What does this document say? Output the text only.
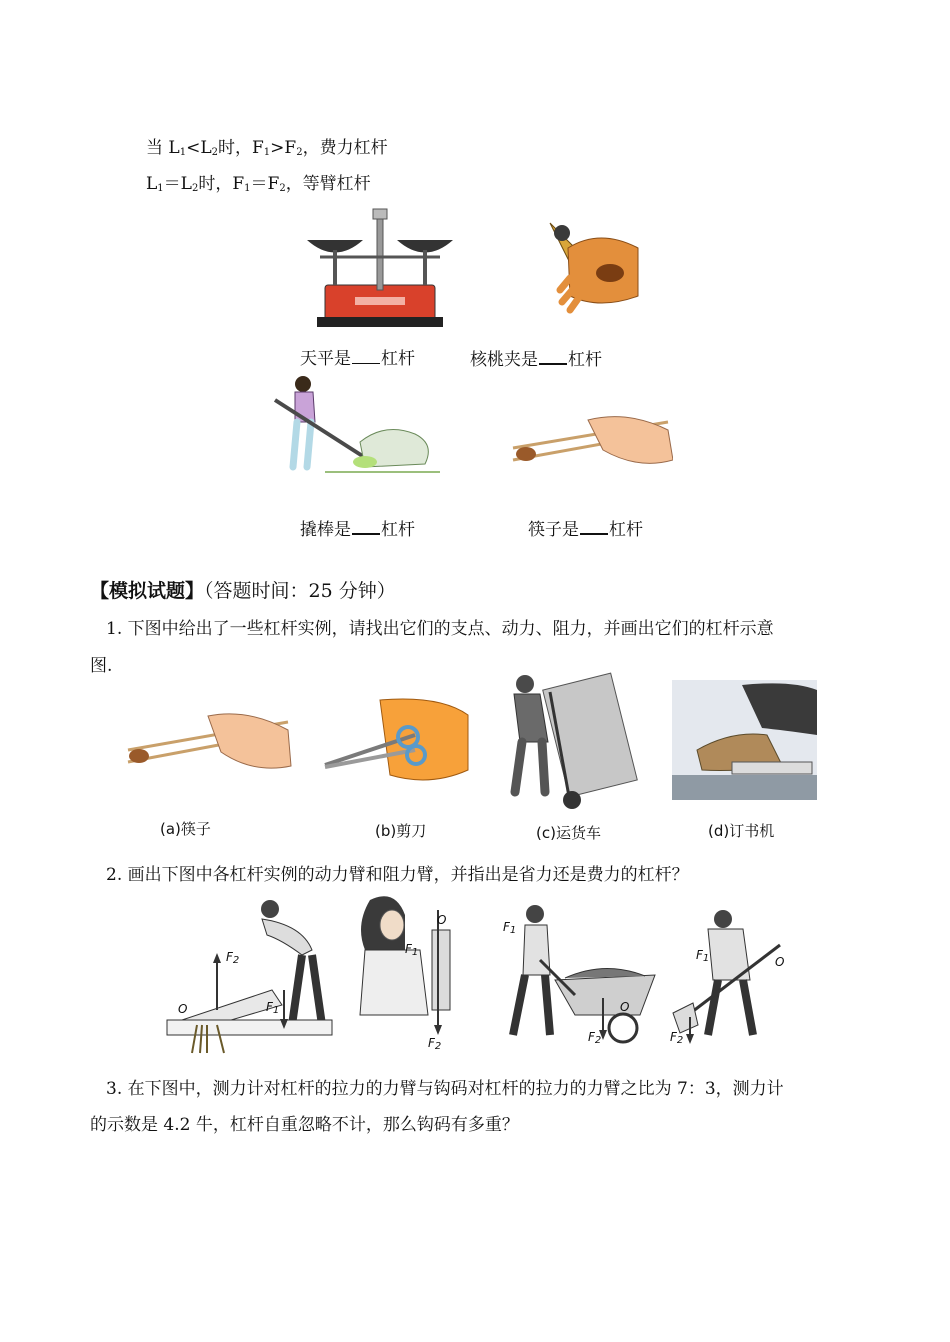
当 $L_1<L_2$时，$F_1>F_2$，费力杠杆
$L_1=L_2$时，$F_1=F_2$，等臂杠杆
天平是 杠杆	核桃夹是 杠杆
撬棒是 杠杆	筷子是 杠杆
【模拟试题】（答题时间：25 分钟）
1. 下图中给出了一些杠杆实例，请找出它们的支点、动力、阻力，并画出它们的杠杆示意
图.
(a)筷子	(b)剪刀	(c)运货车	(d)订书机
2. 画出下图中各杠杆实例的动力臂和阻力臂，并指出是省力还是费力的杠杆？
$F_2$
$F_1$
O
O
$F_1$
$F_2$
$F_1$
O
$F_2$
$F_1$	O
$F_2$
3. 在下图中，测力计对杠杆的拉力的力臂与钩码对杠杆的拉力的力臂之比为 7：3，测力计
的示数是 4.2 牛，杠杆自重忽略不计，那么钩码有多重？
